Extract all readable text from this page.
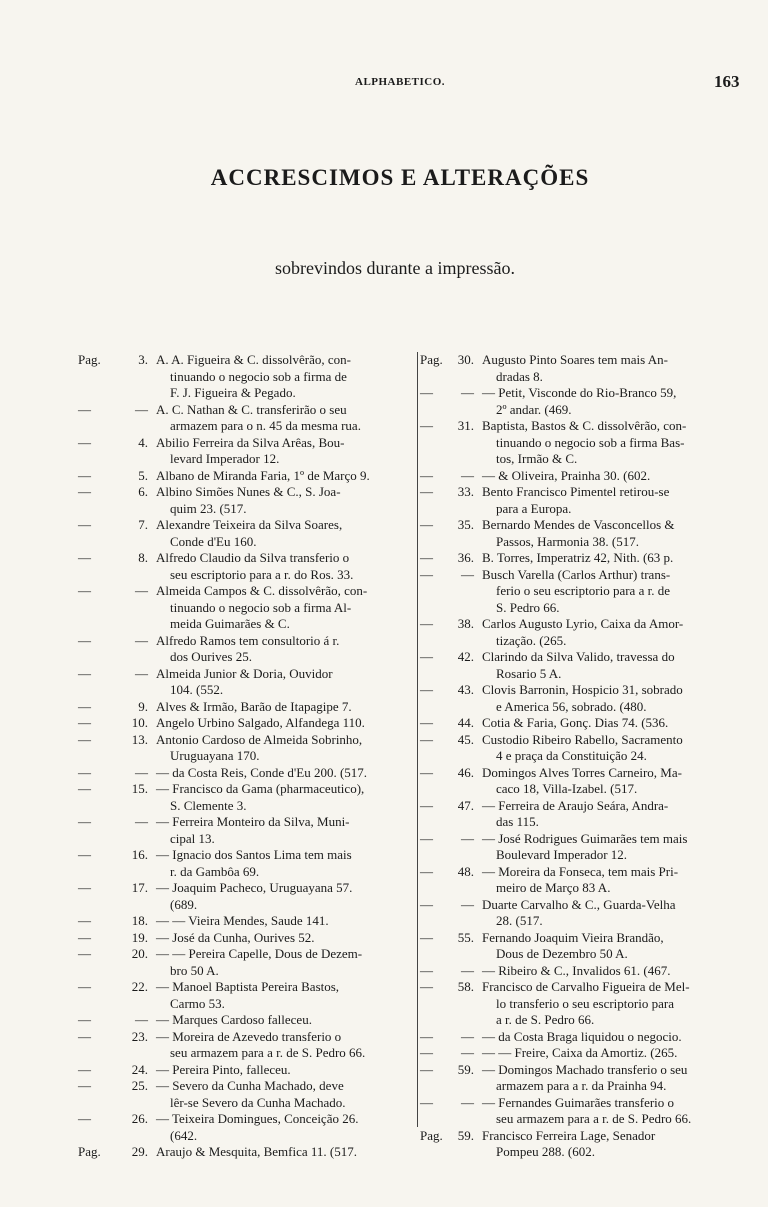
ALPHABETICO.	163
ACCRESCIMOS E ALTERAÇÕES
sobrevindos durante a impressão.
Pag.	3. A. A. Figueira & C. dissolvêrão, con-
tinuando o negocio sob a firma de
F. J. Figueira & Pegado.
—	— A. C. Nathan & C. transferirão o seu
armazem para o n. 45 da mesma rua.
—	4. Abilio Ferreira da Silva Arêas, Bou-
levard Imperador 12.
—	5. Albano de Miranda Faria, 1º de Março 9.
—	6. Albino Simões Nunes & C., S. Joa-
quim 23. (517.
—	7. Alexandre Teixeira da Silva Soares,
Conde d'Eu 160.
—	8. Alfredo Claudio da Silva transferio o
seu escriptorio para a r. do Ros. 33.
—	— Almeida Campos & C. dissolvêrão, con-
tinuando o negocio sob a firma Al-
meida Guimarães & C.
—	— Alfredo Ramos tem consultorio á r.
dos Ourives 25.
—	— Almeida Junior & Doria, Ouvidor
104. (552.
—	9. Alves & Irmão, Barão de Itapagipe 7.
—	10. Angelo Urbino Salgado, Alfandega 110.
—	13. Antonio Cardoso de Almeida Sobrinho,
Uruguayana 170.
—	— — da Costa Reis, Conde d'Eu 200. (517.
—	15. — Francisco da Gama (pharmaceutico),
S. Clemente 3.
—	— — Ferreira Monteiro da Silva, Muni-
cipal 13.
—	16. — Ignacio dos Santos Lima tem mais
r. da Gambôa 69.
—	17. — Joaquim Pacheco, Uruguayana 57.
(689.
—	18. — — Vieira Mendes, Saude 141.
—	19. — José da Cunha, Ourives 52.
—	20. — — Pereira Capelle, Dous de Dezem-
bro 50 A.
—	22. — Manoel Baptista Pereira Bastos,
Carmo 53.
—	— — Marques Cardoso falleceu.
—	23. — Moreira de Azevedo transferio o
seu armazem para a r. de S. Pedro 66.
—	24. — Pereira Pinto, falleceu.
—	25. — Severo da Cunha Machado, deve
lêr-se Severo da Cunha Machado.
—	26. — Teixeira Domingues, Conceição 26.
(642.
Pag.	29. Araujo & Mesquita, Bemfica 11. (517.
Pag.	30. Augusto Pinto Soares tem mais An-
dradas 8.
—	— — Petit, Visconde do Rio-Branco 59,
2º andar. (469.
—	31. Baptista, Bastos & C. dissolvêrão, con-
tinuando o negocio sob a firma Bas-
tos, Irmão & C.
—	— — & Oliveira, Prainha 30. (602.
—	33. Bento Francisco Pimentel retirou-se
para a Europa.
—	35. Bernardo Mendes de Vasconcellos &
Passos, Harmonia 38. (517.
—	36. B. Torres, Imperatriz 42, Nith. (63 p.
—	— Busch Varella (Carlos Arthur) trans-
ferio o seu escriptorio para a r. de
S. Pedro 66.
—	38. Carlos Augusto Lyrio, Caixa da Amor-
tização. (265.
—	42. Clarindo da Silva Valido, travessa do
Rosario 5 A.
—	43. Clovis Barronin, Hospicio 31, sobrado
e America 56, sobrado. (480.
—	44. Cotia & Faria, Gonç. Dias 74. (536.
—	45. Custodio Ribeiro Rabello, Sacramento
4 e praça da Constituição 24.
—	46. Domingos Alves Torres Carneiro, Ma-
caco 18, Villa-Izabel. (517.
—	47. — Ferreira de Araujo Seára, Andra-
das 115.
—	— — José Rodrigues Guimarães tem mais
Boulevard Imperador 12.
—	48. — Moreira da Fonseca, tem mais Pri-
meiro de Março 83 A.
—	— Duarte Carvalho & C., Guarda-Velha
28. (517.
—	55. Fernando Joaquim Vieira Brandão,
Dous de Dezembro 50 A.
—	— — Ribeiro & C., Invalidos 61. (467.
—	58. Francisco de Carvalho Figueira de Mel-
lo transferio o seu escriptorio para
a r. de S. Pedro 66.
—	— — da Costa Braga liquidou o negocio.
—	— — — Freire, Caixa da Amortiz. (265.
—	59. — Domingos Machado transferio o seu
armazem para a r. da Prainha 94.
—	— — Fernandes Guimarães transferio o
seu armazem para a r. de S. Pedro 66.
Pag.	59. Francisco Ferreira Lage, Senador
Pompeu 288. (602.
